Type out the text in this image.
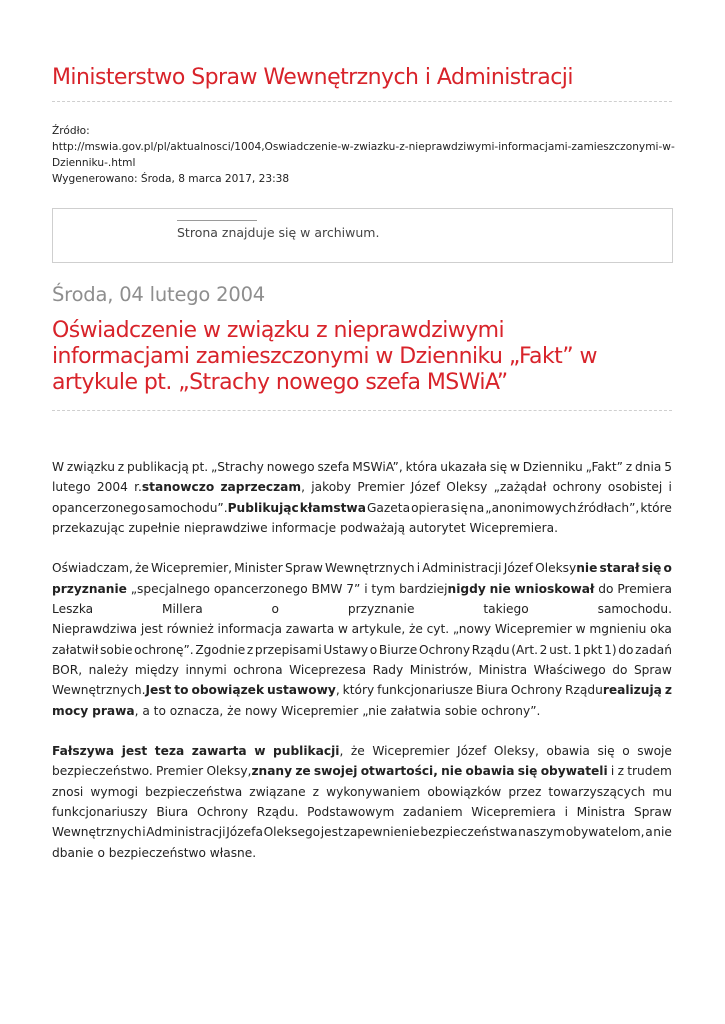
Ministerstwo Spraw Wewnętrznych i Administracji
Źródło:
http://mswia.gov.pl/pl/aktualnosci/1004,Oswiadczenie-w-zwiazku-z-nieprawdziwymi-informacjami-zamieszczonymi-w-
Dzienniku-.html
Wygenerowano: Środa, 8 marca 2017, 23:38
Strona znajduje się w archiwum.
Środa, 04 lutego 2004
Oświadczenie w związku z nieprawdziwymi
informacjami zamieszczonymi w Dzienniku „Fakt” w
artykule pt. „Strachy nowego szefa MSWiA”
W związku z publikacją pt. „Strachy nowego szefa MSWiA”, która ukazała się w Dzienniku „Fakt” z dnia 5
lutego 2004 r.stanowczo zaprzeczam, jakoby Premier Józef Oleksy „zażądał ochrony osobistej i
opancerzonego samochodu”.Publikując kłamstwa Gazeta opiera się na „anonimowych źródłach”, które
przekazując zupełnie nieprawdziwe informacje podważają autorytet Wicepremiera.
Oświadczam, że Wicepremier, Minister Spraw Wewnętrznych i Administracji Józef Oleksynie starał się o
przyznanie „specjalnego opancerzonego BMW 7” i tym bardziejnigdy nie wnioskował do Premiera
Leszka	Millera	o	przyznanie	takiego	samochodu.
Nieprawdziwa jest również informacja zawarta w artykule, że cyt. „nowy Wicepremier w mgnieniu oka
załatwił sobie ochronę”. Zgodnie z przepisami Ustawy o Biurze Ochrony Rządu (Art. 2 ust. 1 pkt 1) do zadań
BOR, należy między innymi ochrona Wiceprezesa Rady Ministrów, Ministra Właściwego do Spraw
Wewnętrznych.Jest to obowiązek ustawowy, który funkcjonariusze Biura Ochrony Rządurealizują z
mocy prawa, a to oznacza, że nowy Wicepremier „nie załatwia sobie ochrony”.
Fałszywa jest teza zawarta w publikacji, że Wicepremier Józef Oleksy, obawia się o swoje
bezpieczeństwo. Premier Oleksy,znany ze swojej otwartości, nie obawia się obywateli i z trudem
znosi wymogi bezpieczeństwa związane z wykonywaniem obowiązków przez towarzyszących mu
funkcjonariuszy Biura Ochrony Rządu. Podstawowym zadaniem Wicepremiera i Ministra Spraw
Wewnętrznych i Administracji Józefa Oleksego jest zapewnienie bezpieczeństwa naszym obywatelom, a nie
dbanie o bezpieczeństwo własne.
